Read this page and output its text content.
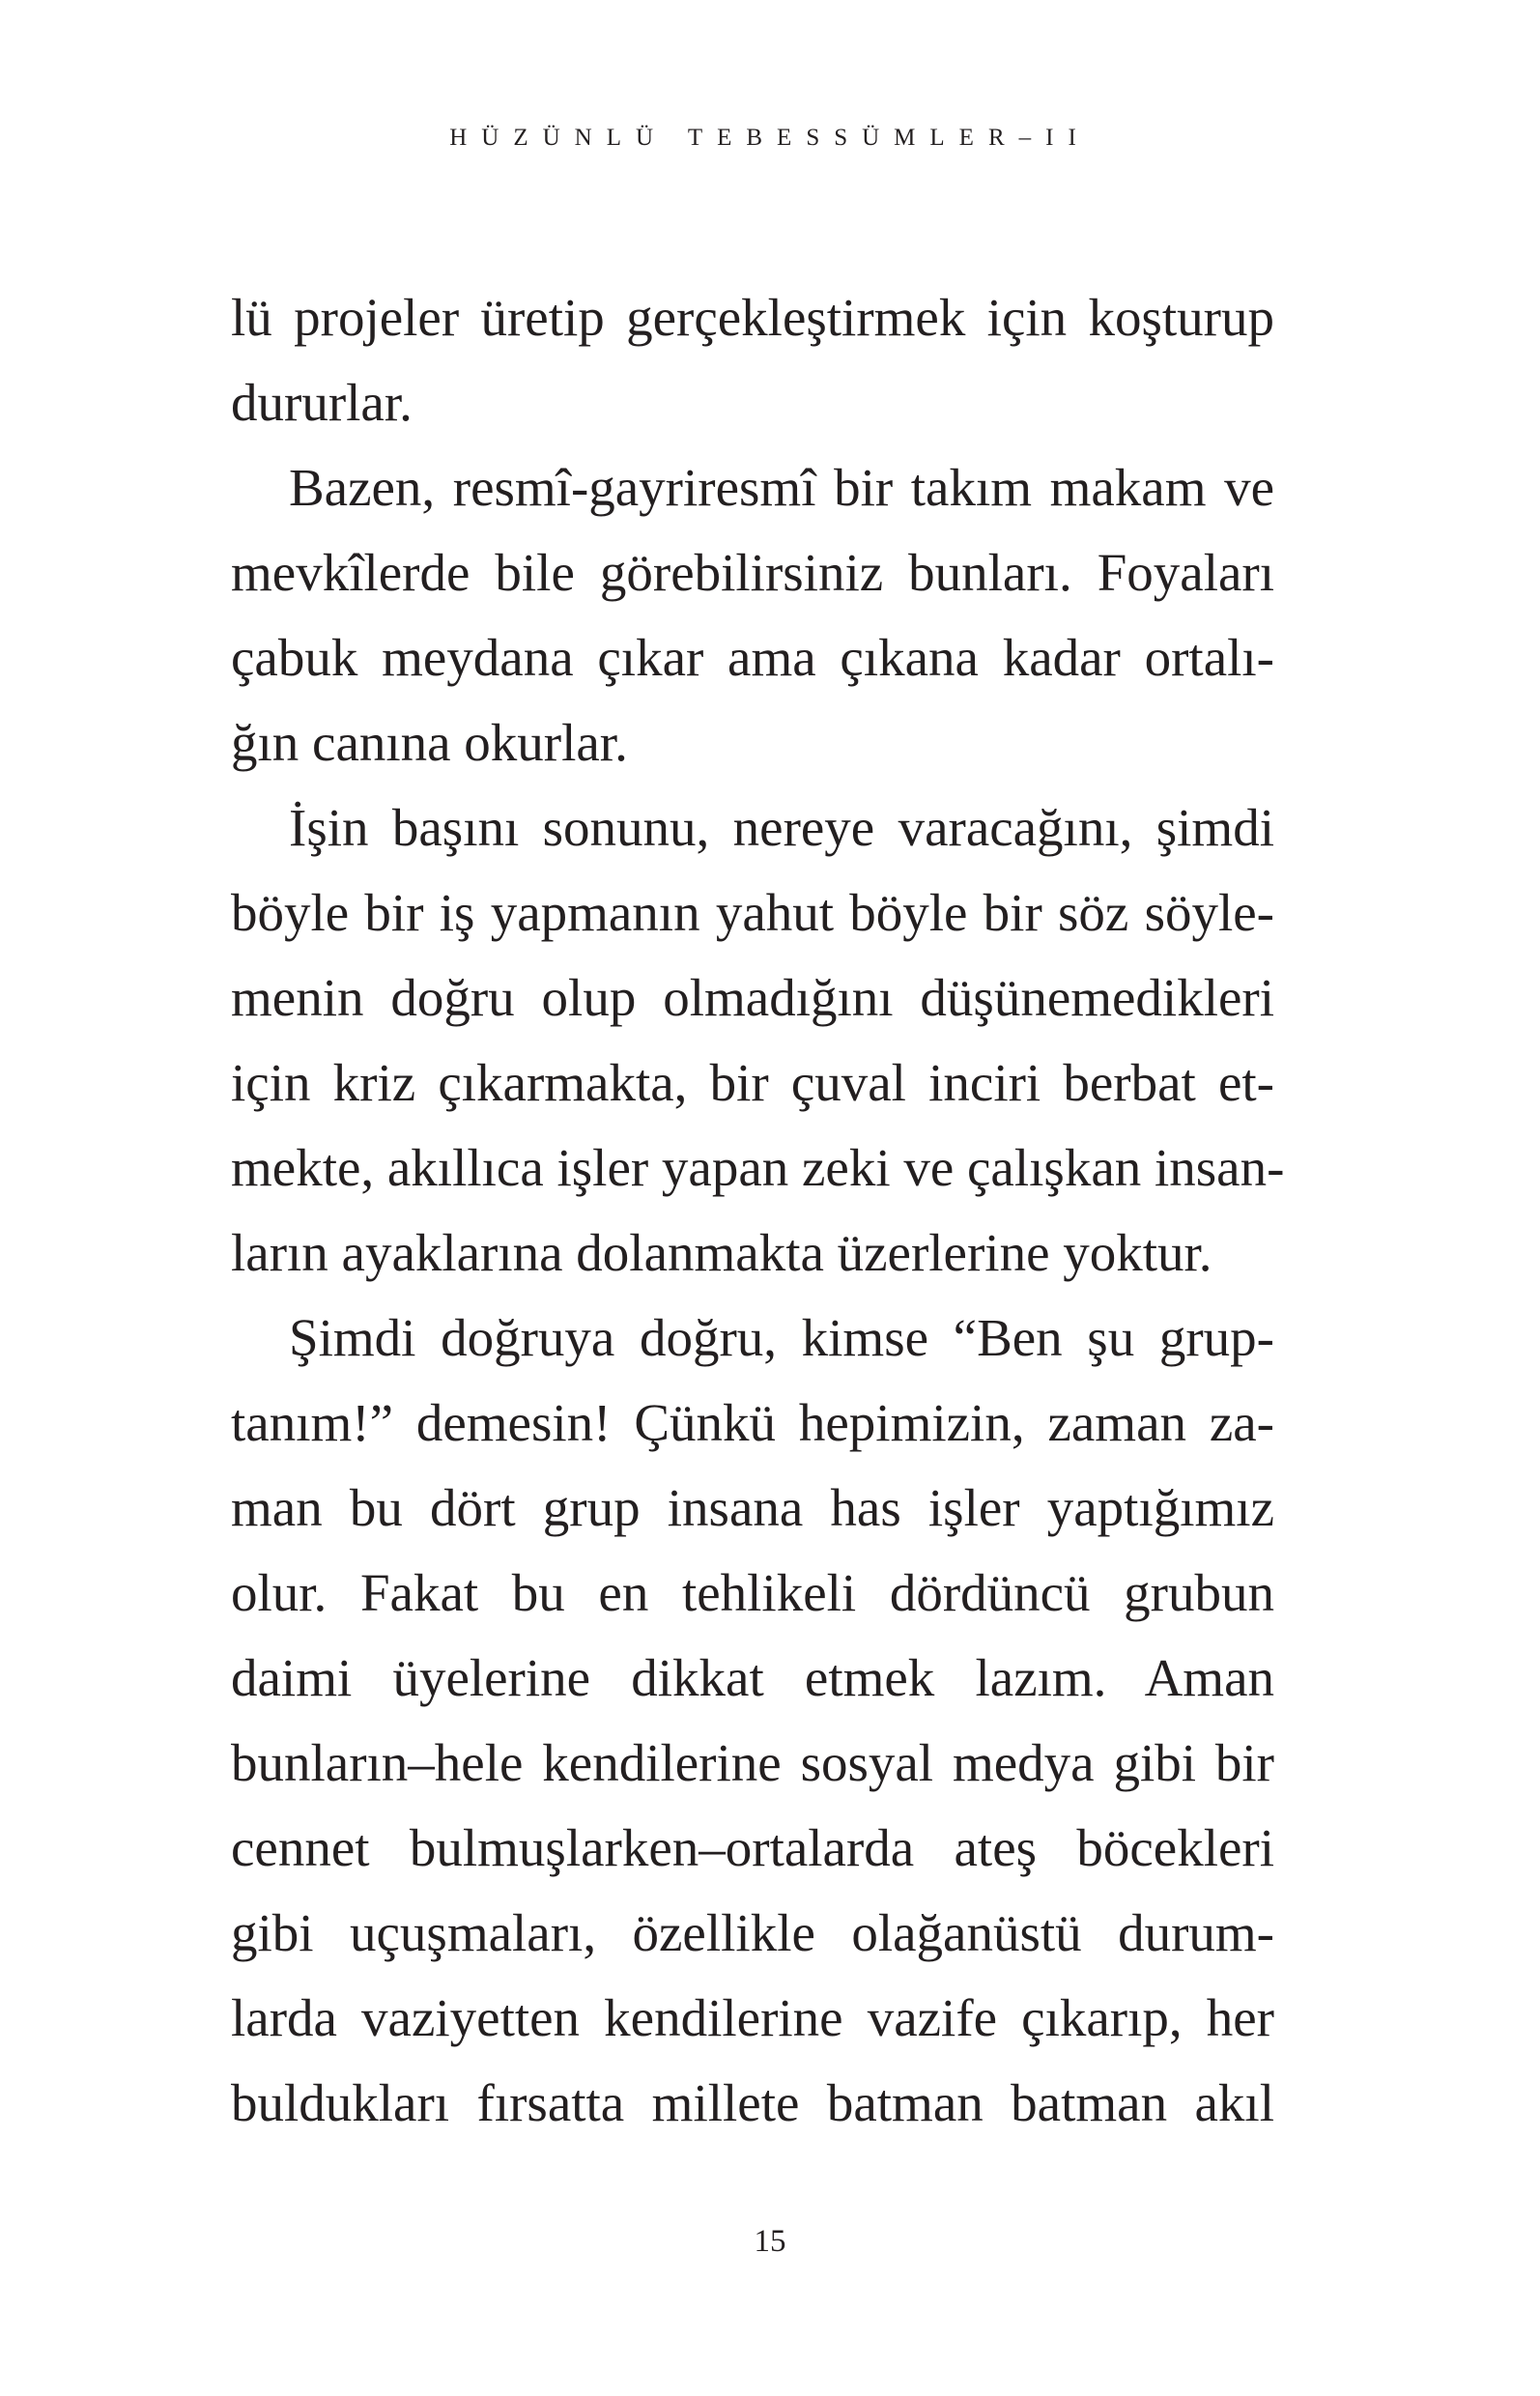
HÜZÜNLÜ TEBESSÜMLER–II
lü projeler üretip gerçekleştirmek için koşturup
dururlar.
Bazen, resmî-gayriresmî bir takım makam ve
mevkîlerde bile görebilirsiniz bunları. Foyaları
çabuk meydana çıkar ama çıkana kadar ortalı-
ğın canına okurlar.
İşin başını sonunu, nereye varacağını, şimdi
böyle bir iş yapmanın yahut böyle bir söz söyle-
menin doğru olup olmadığını düşünemedikleri
için kriz çıkarmakta, bir çuval inciri berbat et-
mekte, akıllıca işler yapan zeki ve çalışkan insan-
ların ayaklarına dolanmakta üzerlerine yoktur.
Şimdi doğruya doğru, kimse “Ben şu grup-
tanım!” demesin! Çünkü hepimizin, zaman za-
man bu dört grup insana has işler yaptığımız
olur. Fakat bu en tehlikeli dördüncü grubun
daimi üyelerine dikkat etmek lazım. Aman
bunların–hele kendilerine sosyal medya gibi bir
cennet bulmuşlarken–ortalarda ateş böcekleri
gibi uçuşmaları, özellikle olağanüstü durum-
larda vaziyetten kendilerine vazife çıkarıp, her
buldukları fırsatta millete batman batman akıl
15
